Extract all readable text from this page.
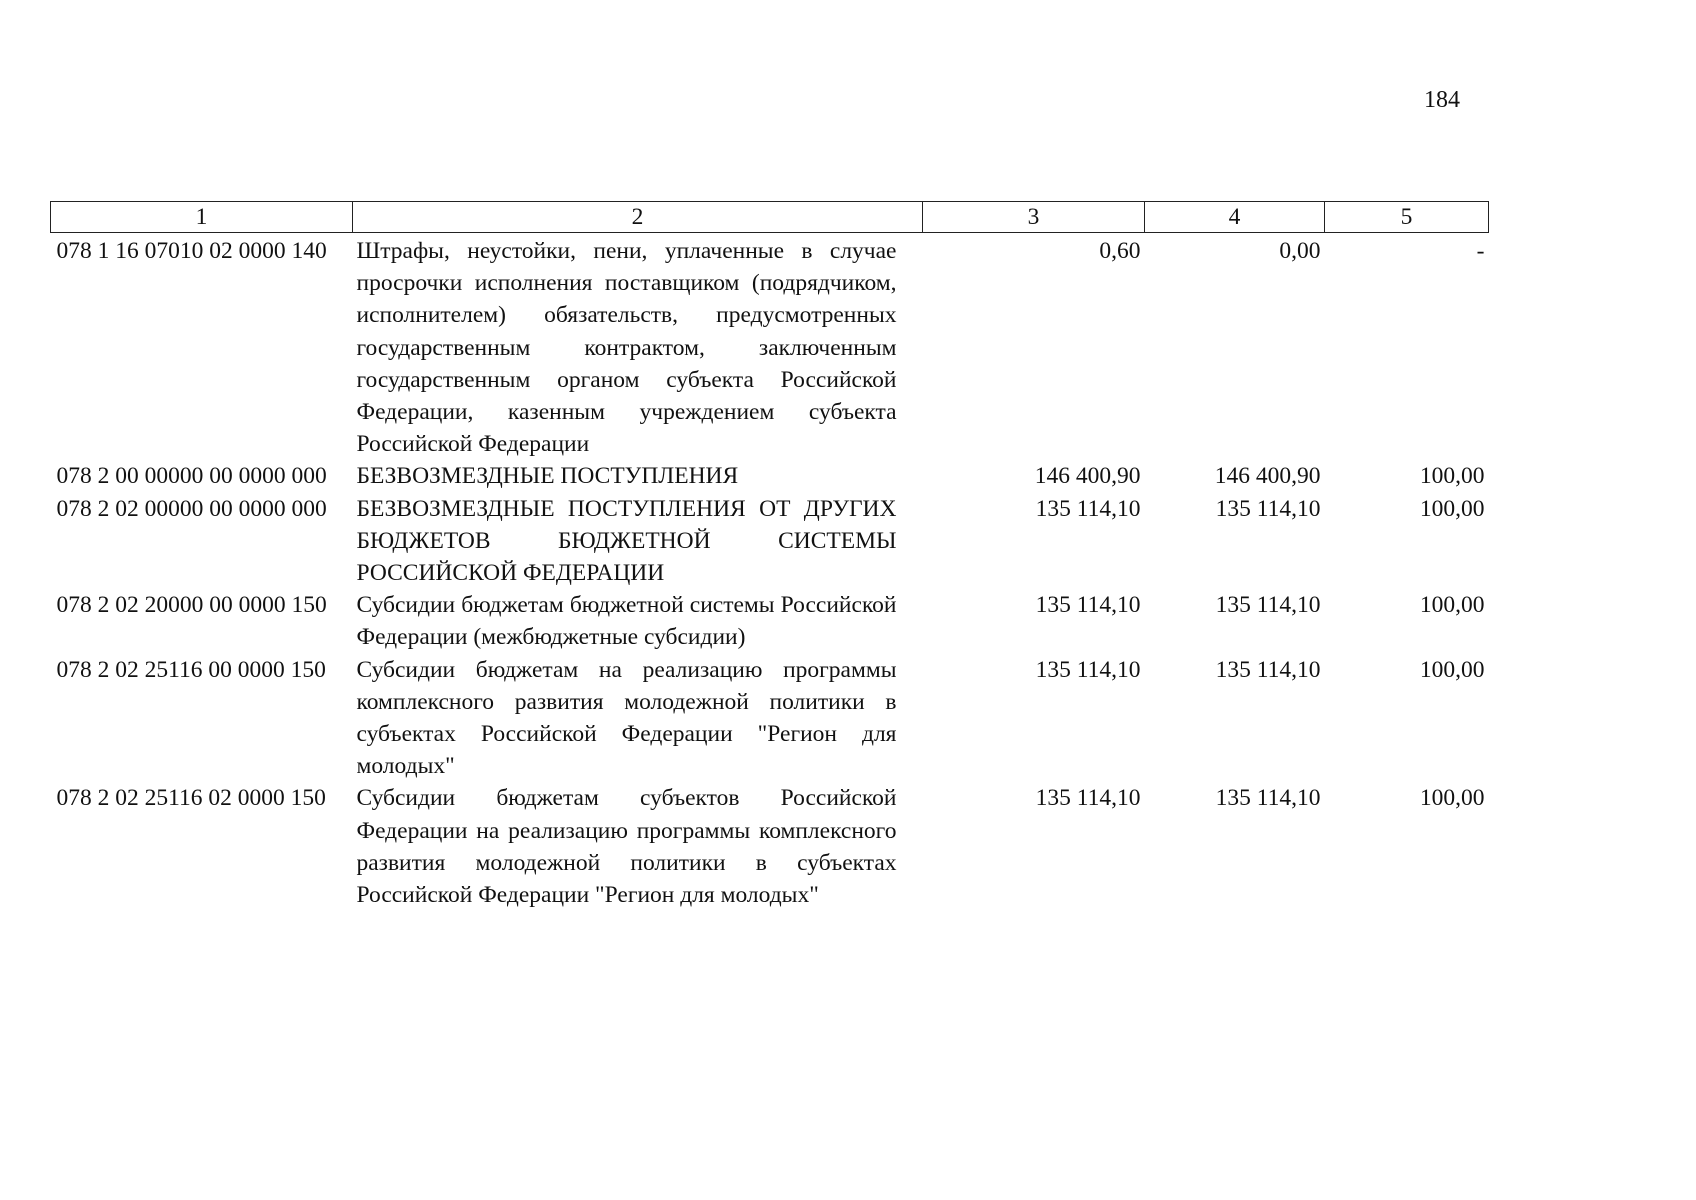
184
1	2	3	4	5
078 1 16 07010 02 0000 140	Штрафы, неустойки, пени, уплаченные в случае просрочки исполнения поставщиком (подрядчиком, исполнителем) обязательств, предусмотренных государственным контрактом, заключенным государственным органом субъекта Российской Федерации, казенным учреждением субъекта Российской Федерации	0,60	0,00	-
078 2 00 00000 00 0000 000	БЕЗВОЗМЕЗДНЫЕ ПОСТУПЛЕНИЯ	146 400,90	146 400,90	100,00
078 2 02 00000 00 0000 000	БЕЗВОЗМЕЗДНЫЕ ПОСТУПЛЕНИЯ ОТ ДРУГИХ БЮДЖЕТОВ БЮДЖЕТНОЙ СИСТЕМЫ РОССИЙСКОЙ ФЕДЕРАЦИИ	135 114,10	135 114,10	100,00
078 2 02 20000 00 0000 150	Субсидии бюджетам бюджетной системы Российской Федерации (межбюджетные субсидии)	135 114,10	135 114,10	100,00
078 2 02 25116 00 0000 150	Субсидии бюджетам на реализацию программы комплексного развития молодежной политики в субъектах Российской Федерации "Регион для молодых"	135 114,10	135 114,10	100,00
078 2 02 25116 02 0000 150	Субсидии бюджетам субъектов Российской Федерации на реализацию программы комплексного развития молодежной политики в субъектах Российской Федерации "Регион для молодых"	135 114,10	135 114,10	100,00
